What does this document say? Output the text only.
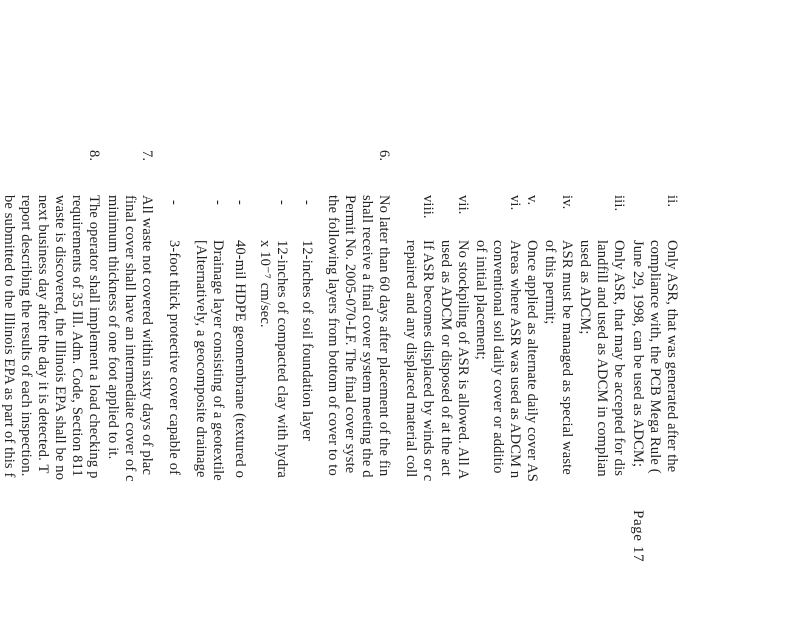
Page 17
ii.
Only ASR, that was generated after the
compliance with, the PCB Mega Rule (
June 29, 1998, can be used as ADCM;
iii.
Only ASR, that may be accepted for dis
landfill and used as ADCM in complian
used as ADCM;
iv.
ASR must be managed as special waste
of this permit;
v.
Once applied as alternate daily cover AS
vi.
Areas where ASR was used as ADCM n
conventional soil daily cover or additio
of initial placement;
vii.
No stockpiling of ASR is allowed. All A
used as ADCM or disposed of at the act
viii.
If ASR becomes displaced by winds or c
repaired and any displaced material coll
6.
No later than 60 days after placement of the fin
shall receive a final cover system meeting the d
Permit No. 2005-070-LF. The final cover syste
the following layers from bottom of cover to to
-
12-inches of soil foundation layer
-
12-inches of compacted clay with hydra
x 10⁻⁷ cm/sec.
-
40-mil HDPE geomembrane (textured o
-
Drainage layer consisting of a geotextile
[Alternatively, a geocomposite drainage
-
3-foot thick protective cover capable of
7.
All waste not covered within sixty days of plac
final cover shall have an intermediate cover of c
minimum thickness of one foot applied to it.
8.
The operator shall implement a load checking p
requirements of 35 Ill. Adm. Code, Section 811
waste is discovered, the Illinois EPA shall be no
next business day after the day it is detected. T
report describing the results of each inspection.
be submitted to the Illinois EPA as part of this f
